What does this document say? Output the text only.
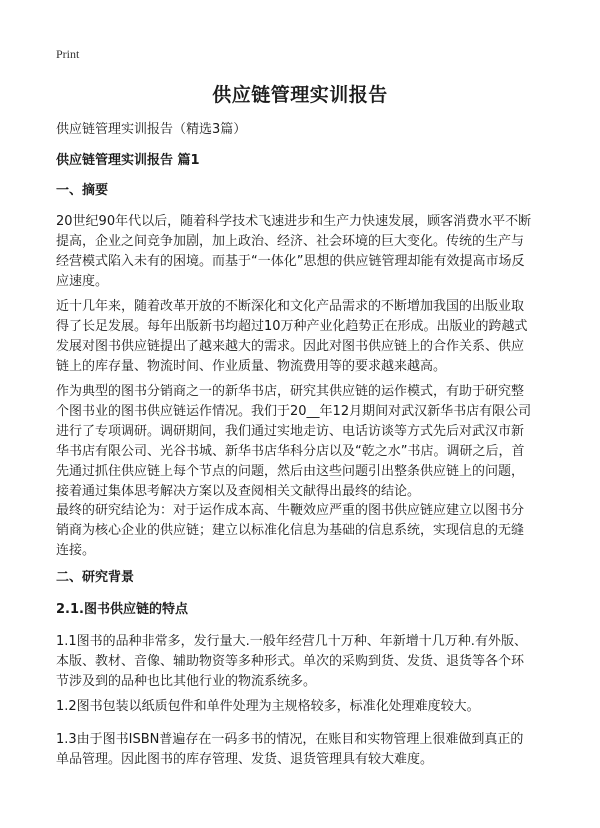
Print
供应链管理实训报告
供应链管理实训报告（精选3篇）
供应链管理实训报告 篇1
一、摘要
20世纪90年代以后，随着科学技术飞速进步和生产力快速发展，顾客消费水平不断
提高，企业之间竞争加剧，加上政治、经济、社会环境的巨大变化。传统的生产与
经营模式陷入未有的困境。而基于“一体化”思想的供应链管理却能有效提高市场反
应速度。
近十几年来，随着改革开放的不断深化和文化产品需求的不断增加我国的出版业取
得了长足发展。每年出版新书均超过10万种产业化趋势正在形成。出版业的跨越式
发展对图书供应链提出了越来越大的需求。因此对图书供应链上的合作关系、供应
链上的库存量、物流时间、作业质量、物流费用等的要求越来越高。
作为典型的图书分销商之一的新华书店，研究其供应链的运作模式，有助于研究整
个图书业的图书供应链运作情况。我们于20__年12月期间对武汉新华书店有限公司
进行了专项调研。调研期间，我们通过实地走访、电话访谈等方式先后对武汉市新
华书店有限公司、光谷书城、新华书店华科分店以及“乾之水”书店。调研之后，首
先通过抓住供应链上每个节点的问题，然后由这些问题引出整条供应链上的问题，
接着通过集体思考解决方案以及查阅相关文献得出最终的结论。
最终的研究结论为：对于运作成本高、牛鞭效应严重的图书供应链应建立以图书分
销商为核心企业的供应链；建立以标准化信息为基础的信息系统，实现信息的无缝
连接。
二、研究背景
2.1.图书供应链的特点
1.1图书的品种非常多，发行量大.一般年经营几十万种、年新增十几万种.有外版、
本版、教材、音像、辅助物资等多种形式。单次的采购到货、发货、退货等各个环
节涉及到的品种也比其他行业的物流系统多。
1.2图书包装以纸质包件和单件处理为主规格较多，标准化处理难度较大。
1.3由于图书ISBN普遍存在一码多书的情况，在账目和实物管理上很难做到真正的
单品管理。因此图书的库存管理、发货、退货管理具有较大难度。
